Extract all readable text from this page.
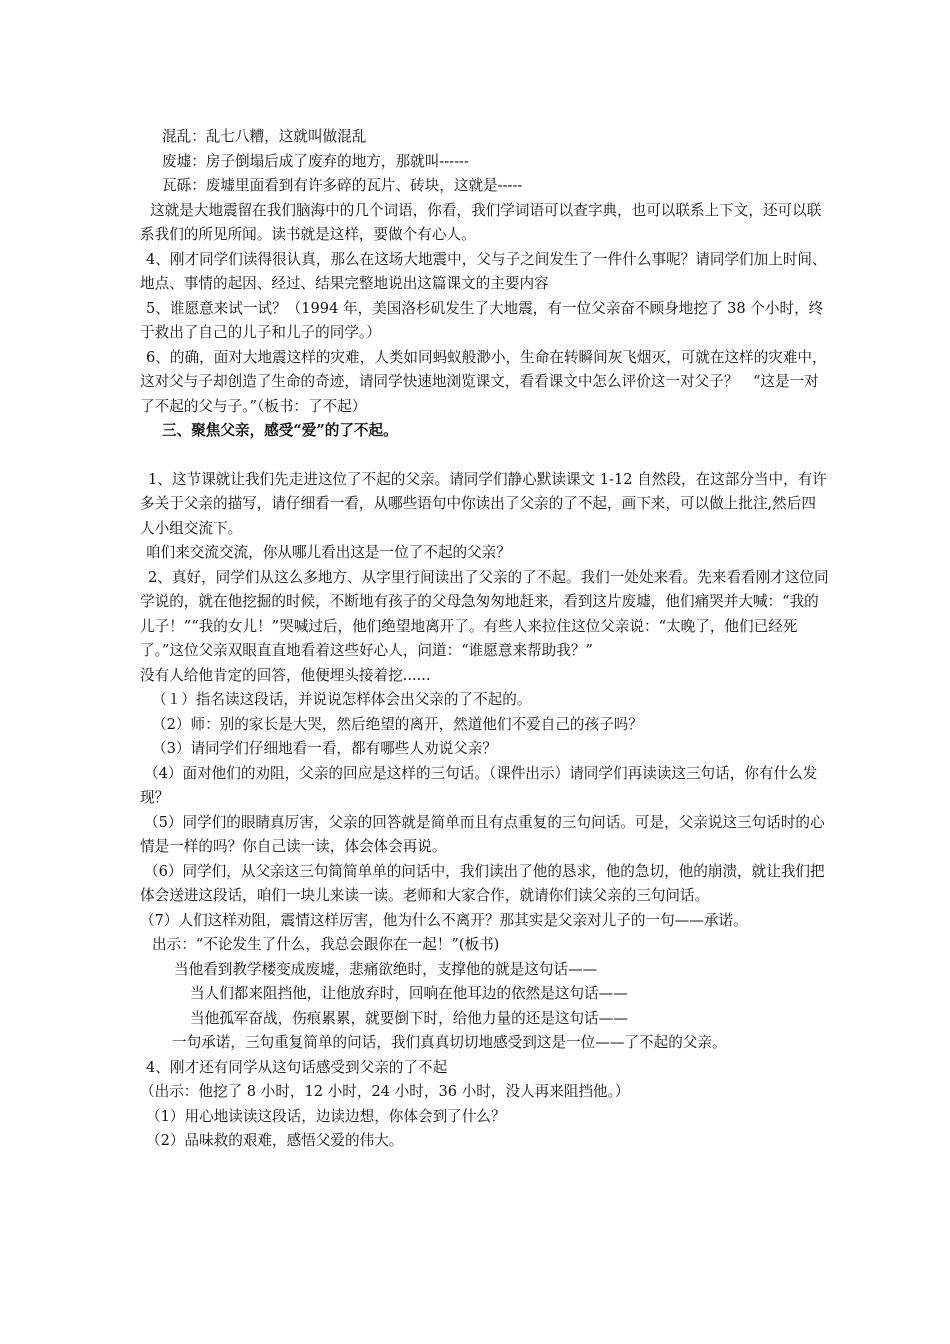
混乱：乱七八糟，这就叫做混乱

废墟：房子倒塌后成了废弃的地方，那就叫------

瓦砾：废墟里面看到有许多碎的瓦片、砖块，这就是-----

这就是大地震留在我们脑海中的几个词语，你看，我们学词语可以查字典，也可以联系上下文，还可以联系我们的所见所闻。读书就是这样，要做个有心人。

4、刚才同学们读得很认真，那么在这场大地震中，父与子之间发生了一件什么事呢？请同学们加上时间、地点、事情的起因、经过、结果完整地说出这篇课文的主要内容

5、谁愿意来试一试？（1994 年，美国洛杉矶发生了大地震，有一位父亲奋不顾身地挖了 38 个小时，终于救出了自己的儿子和儿子的同学。）

6、的确，面对大地震这样的灾难，人类如同蚂蚁般渺小，生命在转瞬间灰飞烟灭，可就在这样的灾难中，这对父与子却创造了生命的奇迹，请同学快速地浏览课文，看看课文中怎么评价这一对父子？　“这是一对了不起的父与子。”（板书：了不起）

三、聚焦父亲，感受“爱”的了不起。

1、这节课就让我们先走进这位了不起的父亲。请同学们静心默读课文 1-12 自然段，在这部分当中，有许多关于父亲的描写，请仔细看一看，从哪些语句中你读出了父亲的了不起，画下来，可以做上批注,然后四人小组交流下。

咱们来交流交流，你从哪儿看出这是一位了不起的父亲？

2、真好，同学们从这么多地方、从字里行间读出了父亲的了不起。我们一处处来看。先来看看刚才这位同学说的，就在他挖掘的时候，不断地有孩子的父母急匆匆地赶来，看到这片废墟，他们痛哭并大喊：“我的儿子！”“我的女儿！”哭喊过后，他们绝望地离开了。有些人来拉住这位父亲说：“太晚了，他们已经死了。”这位父亲双眼直直地看着这些好心人，问道：“谁愿意来帮助我？”

没有人给他肯定的回答，他便埋头接着挖......

（１）指名读这段话，并说说怎样体会出父亲的了不起的。

（2）师：别的家长是大哭，然后绝望的离开，然道他们不爱自己的孩子吗？

（3）请同学们仔细地看一看，都有哪些人劝说父亲？

（4）面对他们的劝阻，父亲的回应是这样的三句话。（课件出示）请同学们再读读这三句话，你有什么发现？

（5）同学们的眼睛真厉害，父亲的回答就是简单而且有点重复的三句问话。可是，父亲说这三句话时的心情是一样的吗？你自己读一读，体会体会再说。

（6）同学们，从父亲这三句简简单单的问话中，我们读出了他的恳求，他的急切，他的崩溃，就让我们把体会送进这段话，咱们一块儿来读一读。老师和大家合作，就请你们读父亲的三句问话。

（7）人们这样劝阻，震情这样厉害，他为什么不离开？那其实是父亲对儿子的一句——承诺。

出示：“不论发生了什么，我总会跟你在一起！”(板书)

当他看到教学楼变成废墟，悲痛欲绝时，支撑他的就是这句话——

当人们都来阻挡他，让他放弃时，回响在他耳边的依然是这句话——

当他孤军奋战，伤痕累累，就要倒下时，给他力量的还是这句话——

一句承诺，三句重复简单的问话，我们真真切切地感受到这是一位——了不起的父亲。

4、刚才还有同学从这句话感受到父亲的了不起

（出示：他挖了 8 小时，12 小时，24 小时，36 小时，没人再来阻挡他。）

（1）用心地读读这段话，边读边想，你体会到了什么？

（2）品味救的艰难，感悟父爱的伟大。
